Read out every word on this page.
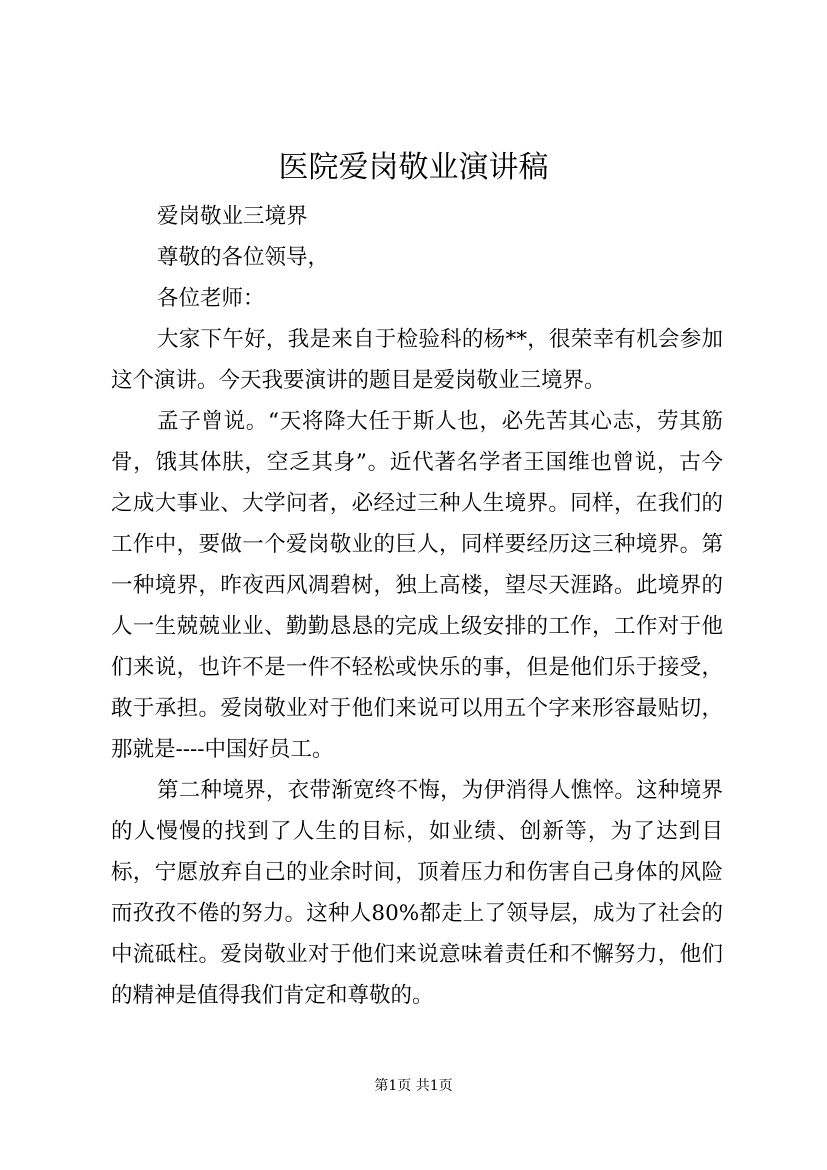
医院爱岗敬业演讲稿

爱岗敬业三境界

尊敬的各位领导，

各位老师：

大家下午好，我是来自于检验科的杨**，很荣幸有机会参加这个演讲。今天我要演讲的题目是爱岗敬业三境界。

孟子曾说。“天将降大任于斯人也，必先苦其心志，劳其筋骨，饿其体肤，空乏其身”。近代著名学者王国维也曾说，古今之成大事业、大学问者，必经过三种人生境界。同样，在我们的工作中，要做一个爱岗敬业的巨人，同样要经历这三种境界。第一种境界，昨夜西风凋碧树，独上高楼，望尽天涯路。此境界的人一生兢兢业业、勤勤恳恳的完成上级安排的工作，工作对于他们来说，也许不是一件不轻松或快乐的事，但是他们乐于接受，敢于承担。爱岗敬业对于他们来说可以用五个字来形容最贴切，那就是----中国好员工。

第二种境界，衣带渐宽终不悔，为伊消得人憔悴。这种境界的人慢慢的找到了人生的目标，如业绩、创新等，为了达到目标，宁愿放弃自己的业余时间，顶着压力和伤害自己身体的风险而孜孜不倦的努力。这种人80%都走上了领导层，成为了社会的中流砥柱。爱岗敬业对于他们来说意味着责任和不懈努力，他们的精神是值得我们肯定和尊敬的。

第1页 共1页
